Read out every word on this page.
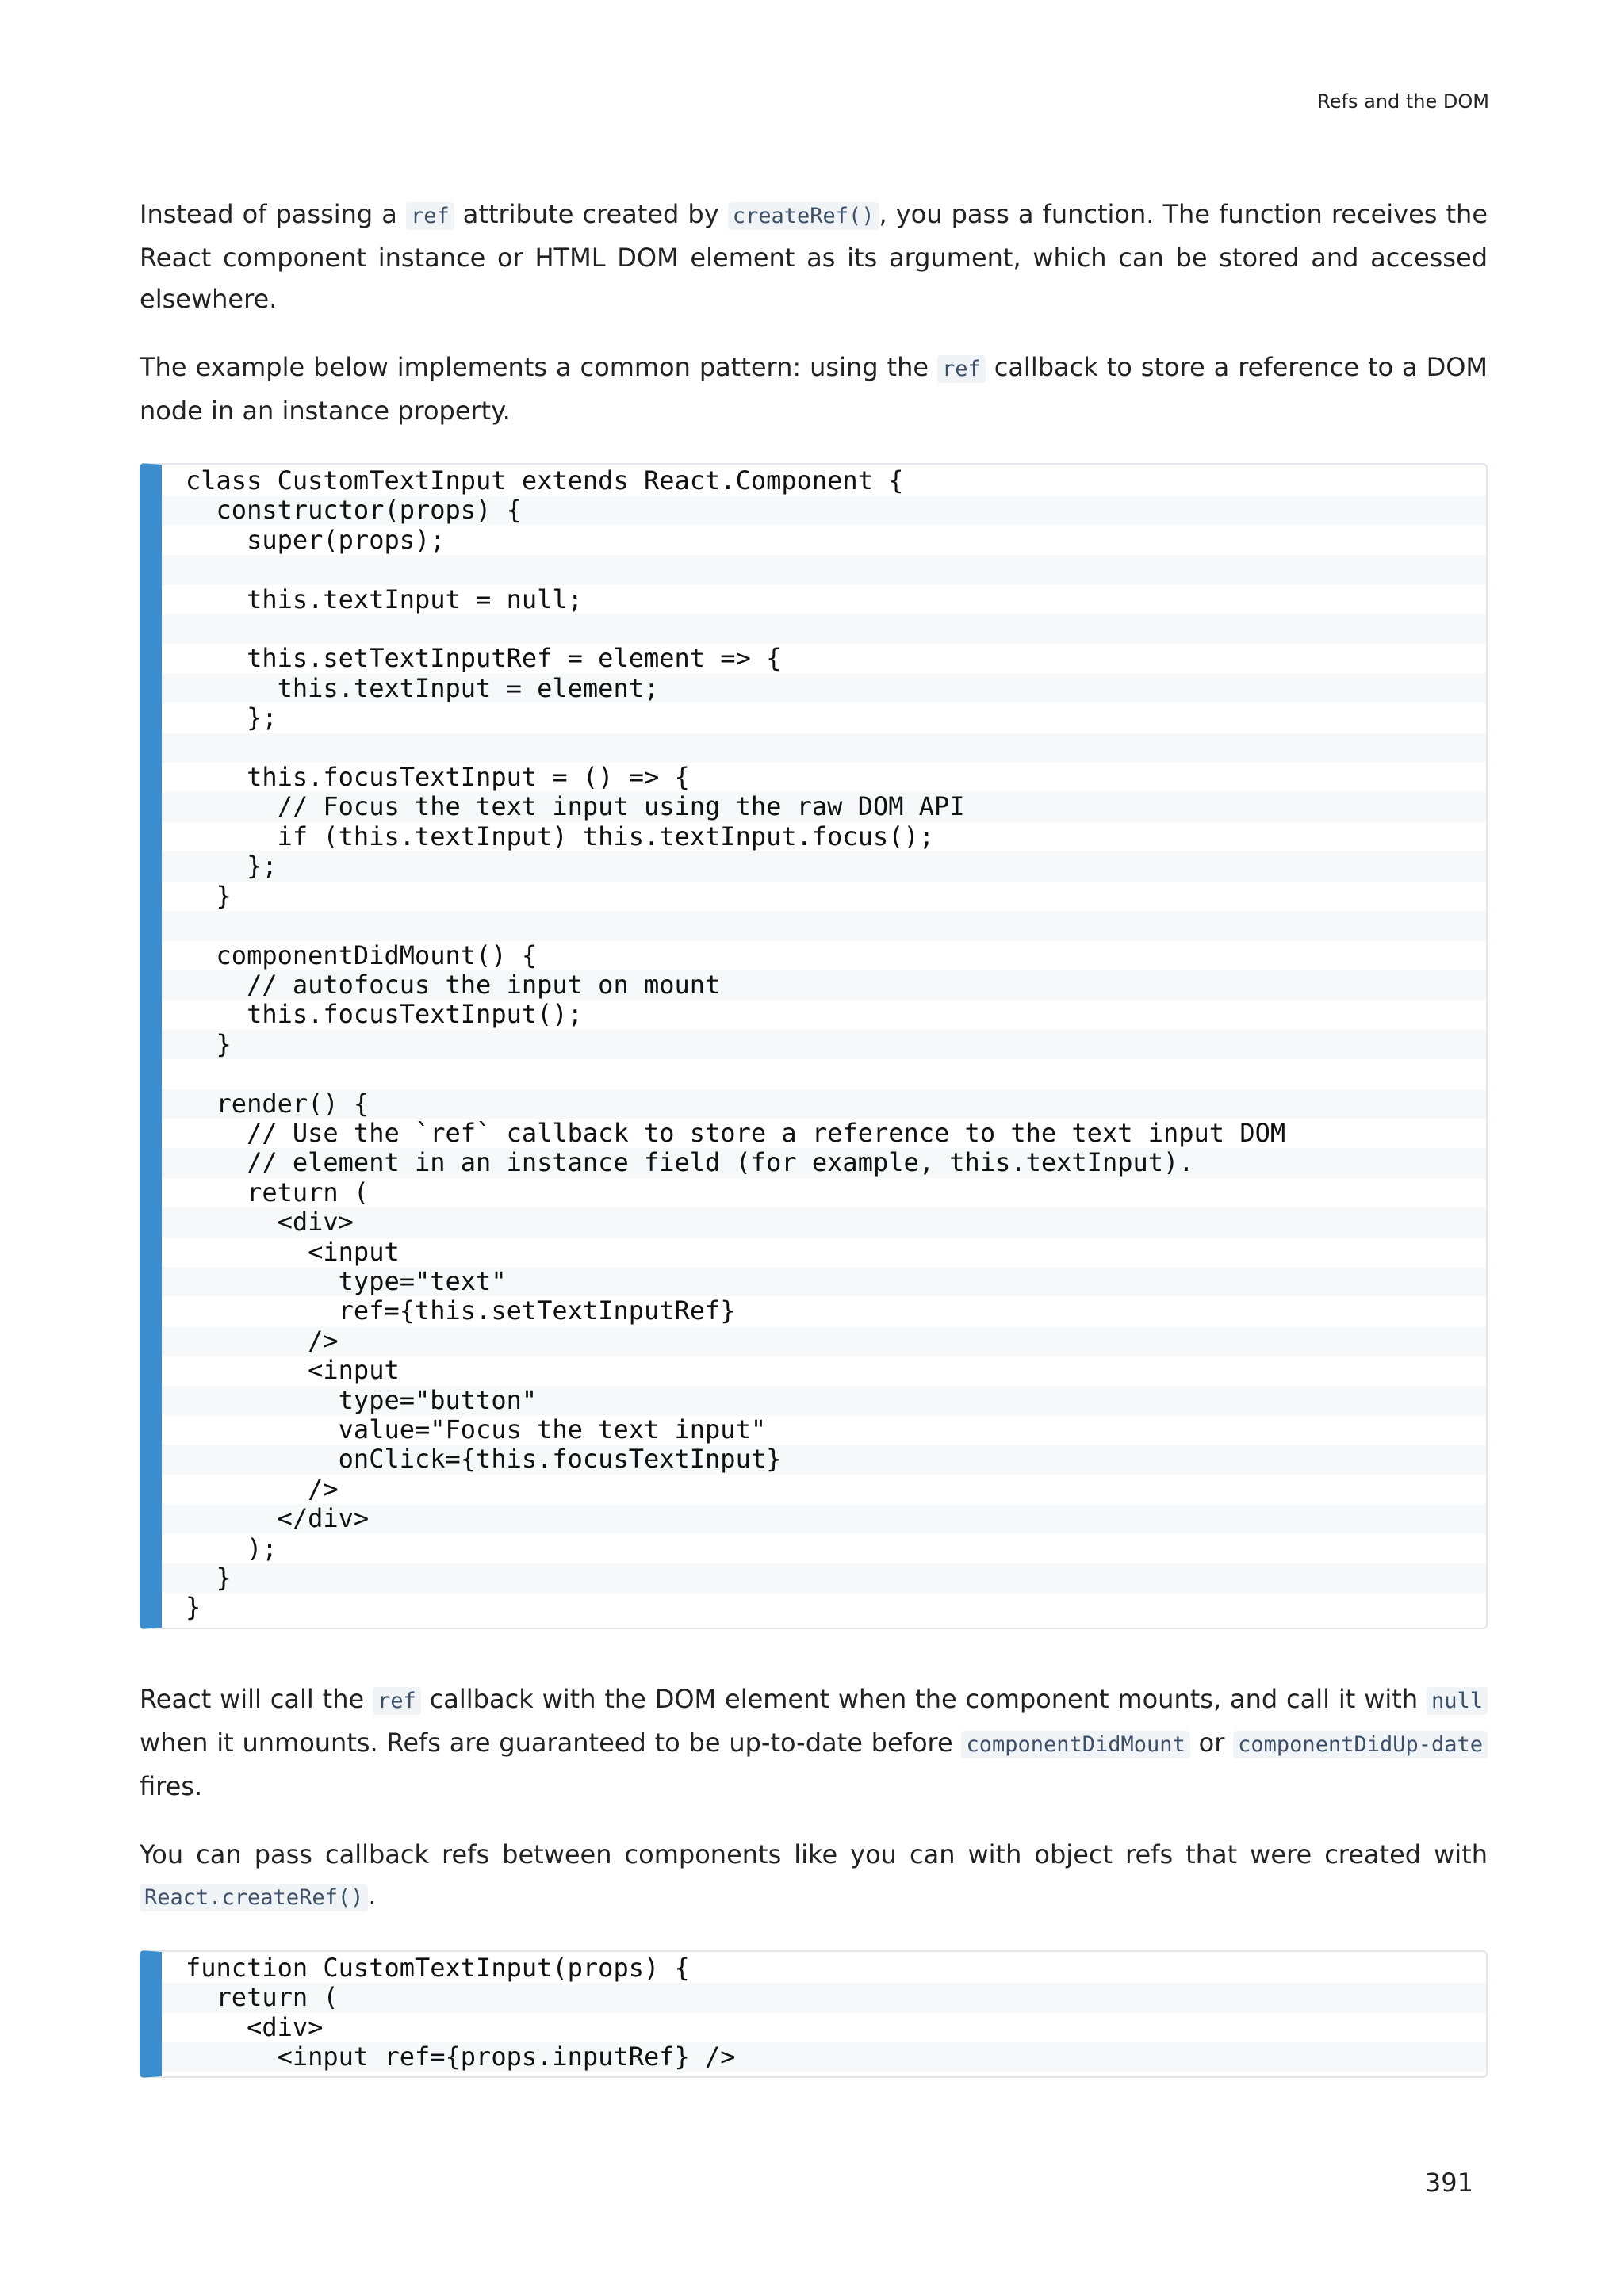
Refs and the DOM

Instead of passing a ref attribute created by createRef() , you pass a function. The function receives the React component instance or HTML DOM element as its argument, which can be stored and accessed elsewhere.

The example below implements a common pattern: using the ref callback to store a reference to a DOM node in an instance property.

class CustomTextInput extends React.Component {
constructor(props) {
super(props);
this.textInput = null;
this.setTextInputRef = element => {
this.textInput = element;
};
this.focusTextInput = () => {
// Focus the text input using the raw DOM API
if (this.textInput) this.textInput.focus();
};
}
componentDidMount() {
// autofocus the input on mount
this.focusTextInput();
}
render() {
// Use the `ref` callback to store a reference to the text input DOM
// element in an instance field (for example, this.textInput).
return (
<div>
<input
type="text"
ref={this.setTextInputRef}
/>
<input
type="button"
value="Focus the text input"
onClick={this.focusTextInput}
/>
</div>
);
}
}

React will call the ref callback with the DOM element when the component mounts, and call it with null when it unmounts. Refs are guaranteed to be up-to-date before componentDidMount or componentDidUp-date fires.

You can pass callback refs between components like you can with object refs that were created with React.createRef() .

function CustomTextInput(props) {
return (
<div>
<input ref={props.inputRef} />
391
